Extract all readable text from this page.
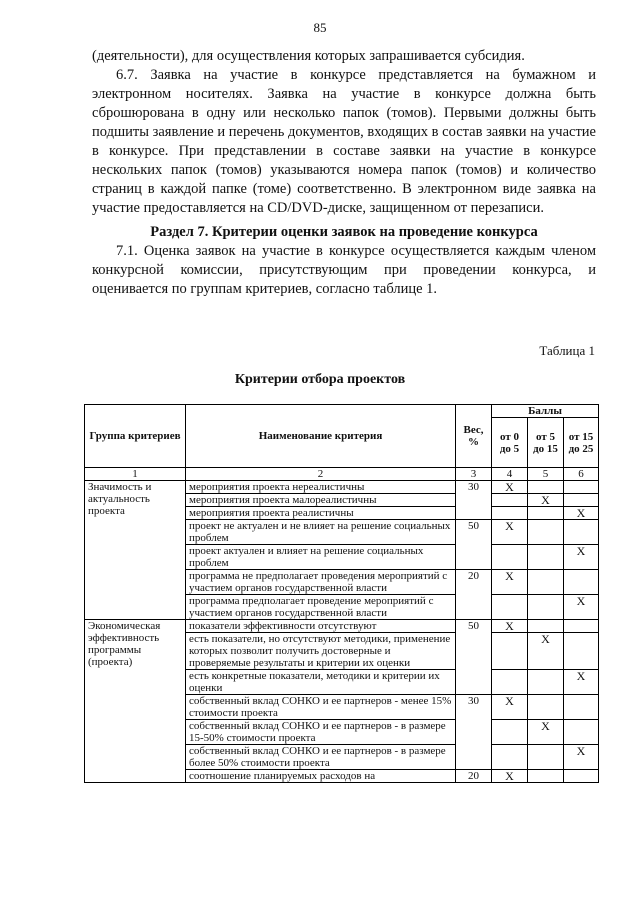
85

(деятельности), для осуществления которых запрашивается субсидия.

6.7. Заявка на участие в конкурсе представляется на бумажном и электронном носителях. Заявка на участие в конкурсе должна быть сброшюрована в одну или несколько папок (томов). Первыми должны быть подшиты заявление и перечень документов, входящих в состав заявки на участие в конкурсе. При представлении в составе заявки на участие в конкурсе нескольких папок (томов) указываются номера папок (томов) и количество страниц в каждой папке (томе) соответственно. В электронном виде заявка на участие предоставляется на CD/DVD-диске, защищенном от перезаписи.

Раздел 7. Критерии оценки заявок на проведение конкурса

7.1. Оценка заявок на участие в конкурсе осуществляется каждым членом конкурсной комиссии, присутствующим при проведении конкурса, и оценивается по группам критериев, согласно таблице 1.

Таблица 1
Критерии отбора проектов
Группа критериев	Наименование критерия	Вес, %	Баллы		
			от 0 до 5	от 5 до 15	от 15 до 25
1	2	3	4	5	6
Значимость и актуальность проекта	мероприятия проекта нереалистичны	30	X		
	мероприятия проекта малореалистичны			X	
	мероприятия проекта реалистичны				X
	проект не актуален и не влияет на решение социальных проблем	50	X		
	проект актуален и влияет на решение социальных проблем				X
	программа не предполагает проведения мероприятий с участием органов государственной власти	20	X		
	программа предполагает проведение мероприятий с участием органов государственной власти				X
Экономическая эффективность программы (проекта)	показатели эффективности отсутствуют	50	X		
	есть показатели, но отсутствуют методики, применение которых позволит получить достоверные и проверяемые результаты и критерии их оценки			X	
	есть конкретные показатели, методики и критерии их оценки				X
	собственный вклад СОНКО и ее партнеров - менее 15% стоимости проекта	30	X		
	собственный вклад СОНКО и ее партнеров - в размере 15-50% стоимости проекта			X	
	собственный вклад СОНКО и ее партнеров - в размере более 50% стоимости проекта				X
	соотношение планируемых расходов на	20	X		
